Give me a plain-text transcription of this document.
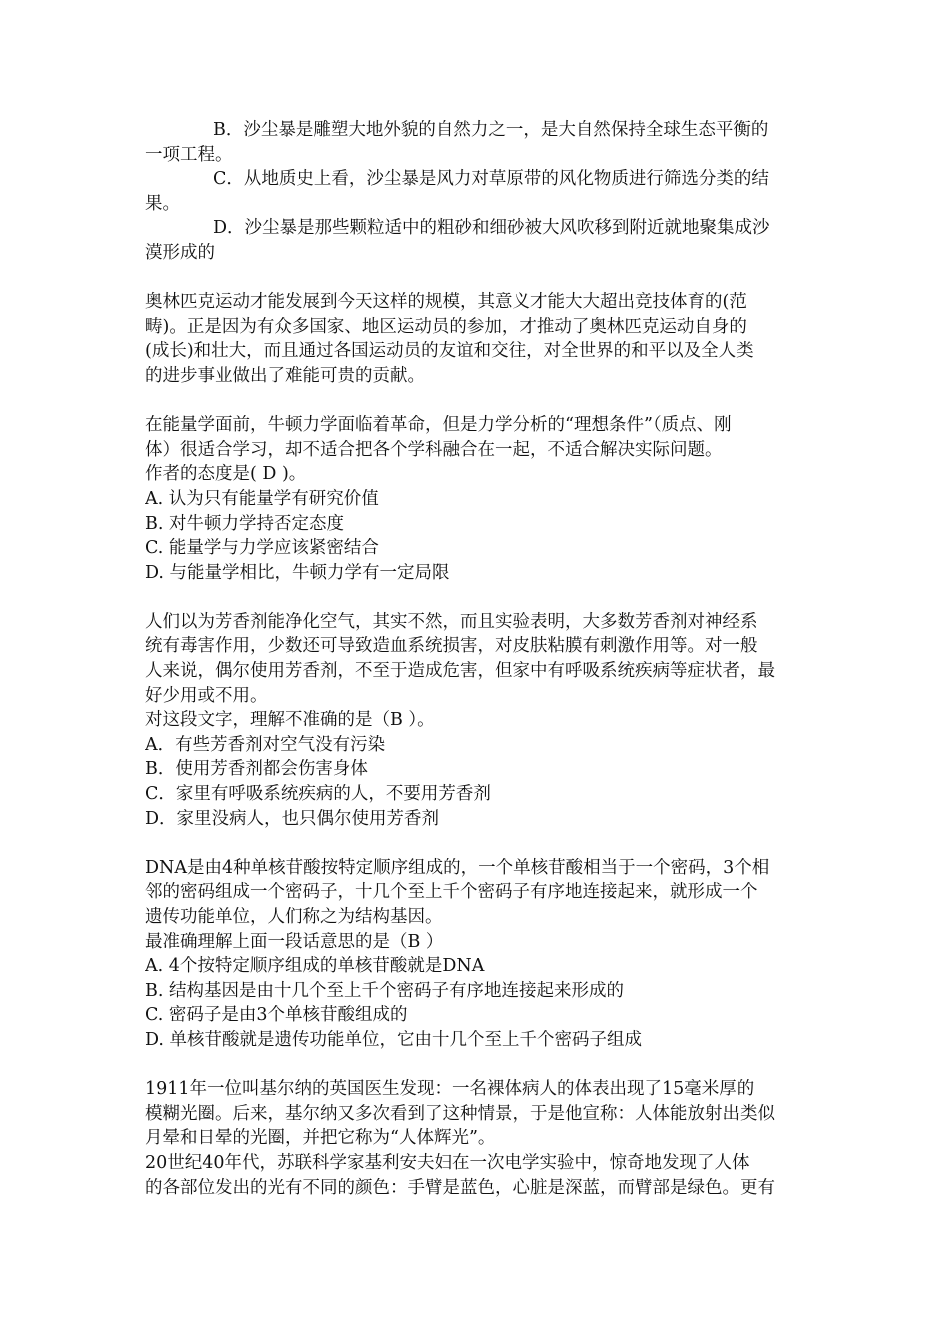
B．沙尘暴是雕塑大地外貌的自然力之一，是大自然保持全球生态平衡的
一项工程。
C．从地质史上看，沙尘暴是风力对草原带的风化物质进行筛选分类的结
果。
D．沙尘暴是那些颗粒适中的粗砂和细砂被大风吹移到附近就地聚集成沙
漠形成的
奥林匹克运动才能发展到今天这样的规模，其意义才能大大超出竞技体育的(范
畴)。正是因为有众多国家、地区运动员的参加，才推动了奥林匹克运动自身的
(成长)和壮大，而且通过各国运动员的友谊和交往，对全世界的和平以及全人类
的进步事业做出了难能可贵的贡献。
在能量学面前，牛顿力学面临着革命，但是力学分析的“理想条件”（质点、刚
体）很适合学习，却不适合把各个学科融合在一起，不适合解决实际问题。
作者的态度是( D )。
A. 认为只有能量学有研究价值
B. 对牛顿力学持否定态度
C. 能量学与力学应该紧密结合
D. 与能量学相比，牛顿力学有一定局限
人们以为芳香剂能净化空气，其实不然，而且实验表明，大多数芳香剂对神经系
统有毒害作用，少数还可导致造血系统损害，对皮肤粘膜有刺激作用等。对一般
人来说，偶尔使用芳香剂，不至于造成危害，但家中有呼吸系统疾病等症状者，最
好少用或不用。
对这段文字，理解不准确的是（B ）。
A．有些芳香剂对空气没有污染
B．使用芳香剂都会伤害身体
C．家里有呼吸系统疾病的人，不要用芳香剂
D．家里没病人，也只偶尔使用芳香剂
DNA是由4种单核苷酸按特定顺序组成的，一个单核苷酸相当于一个密码，3个相
邻的密码组成一个密码子，十几个至上千个密码子有序地连接起来，就形成一个
遗传功能单位，人们称之为结构基因。
最准确理解上面一段话意思的是（B ）
A. 4个按特定顺序组成的单核苷酸就是DNA
B. 结构基因是由十几个至上千个密码子有序地连接起来形成的
C. 密码子是由3个单核苷酸组成的
D. 单核苷酸就是遗传功能单位，它由十几个至上千个密码子组成
1911年一位叫基尔纳的英国医生发现：一名裸体病人的体表出现了15毫米厚的
模糊光圈。后来，基尔纳又多次看到了这种情景，于是他宣称：人体能放射出类似
月晕和日晕的光圈，并把它称为“人体辉光”。
20世纪40年代，苏联科学家基利安夫妇在一次电学实验中，惊奇地发现了人体
的各部位发出的光有不同的颜色：手臂是蓝色，心脏是深蓝，而臂部是绿色。更有
